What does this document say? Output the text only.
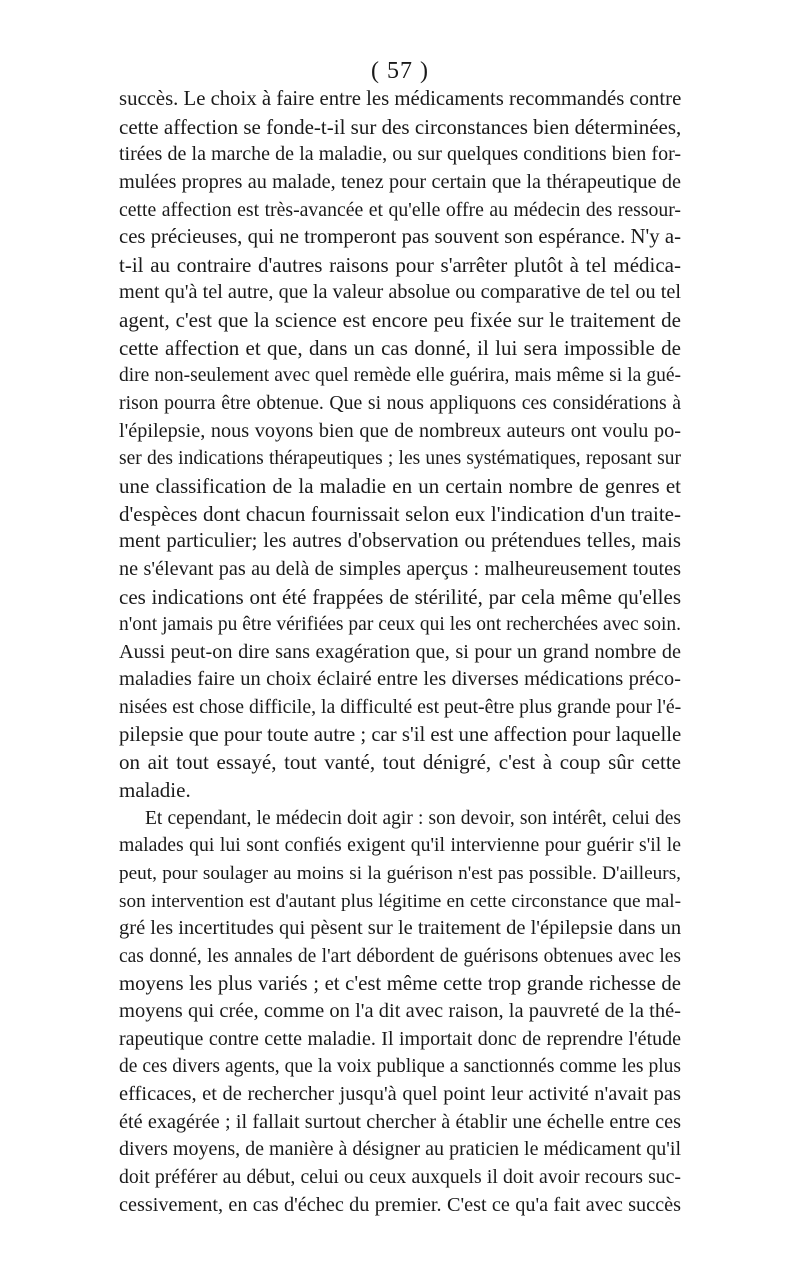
( 57 )
succès. Le choix à faire entre les médicaments recommandés contre
cette affection se fonde-t-il sur des circonstances bien déterminées,
tirées de la marche de la maladie, ou sur quelques conditions bien for-
mulées propres au malade, tenez pour certain que la thérapeutique de
cette affection est très-avancée et qu'elle offre au médecin des ressour-
ces précieuses, qui ne tromperont pas souvent son espérance. N'y a-
t-il au contraire d'autres raisons pour s'arrêter plutôt à tel médica-
ment qu'à tel autre, que la valeur absolue ou comparative de tel ou tel
agent, c'est que la science est encore peu fixée sur le traitement de
cette affection et que, dans un cas donné, il lui sera impossible de
dire non-seulement avec quel remède elle guérira, mais même si la gué-
rison pourra être obtenue. Que si nous appliquons ces considérations à
l'épilepsie, nous voyons bien que de nombreux auteurs ont voulu po-
ser des indications thérapeutiques ; les unes systématiques, reposant sur
une classification de la maladie en un certain nombre de genres et
d'espèces dont chacun fournissait selon eux l'indication d'un traite-
ment particulier; les autres d'observation ou prétendues telles, mais
ne s'élevant pas au delà de simples aperçus : malheureusement toutes
ces indications ont été frappées de stérilité, par cela même qu'elles
n'ont jamais pu être vérifiées par ceux qui les ont recherchées avec soin.
Aussi peut-on dire sans exagération que, si pour un grand nombre de
maladies faire un choix éclairé entre les diverses médications préco-
nisées est chose difficile, la difficulté est peut-être plus grande pour l'é-
pilepsie que pour toute autre ; car s'il est une affection pour laquelle
on ait tout essayé, tout vanté, tout dénigré, c'est à coup sûr cette
maladie.
Et cependant, le médecin doit agir : son devoir, son intérêt, celui des
malades qui lui sont confiés exigent qu'il intervienne pour guérir s'il le
peut, pour soulager au moins si la guérison n'est pas possible. D'ailleurs,
son intervention est d'autant plus légitime en cette circonstance que mal-
gré les incertitudes qui pèsent sur le traitement de l'épilepsie dans un
cas donné, les annales de l'art débordent de guérisons obtenues avec les
moyens les plus variés ; et c'est même cette trop grande richesse de
moyens qui crée, comme on l'a dit avec raison, la pauvreté de la thé-
rapeutique contre cette maladie. Il importait donc de reprendre l'étude
de ces divers agents, que la voix publique a sanctionnés comme les plus
efficaces, et de rechercher jusqu'à quel point leur activité n'avait pas
été exagérée ; il fallait surtout chercher à établir une échelle entre ces
divers moyens, de manière à désigner au praticien le médicament qu'il
doit préférer au début, celui ou ceux auxquels il doit avoir recours suc-
cessivement, en cas d'échec du premier. C'est ce qu'a fait avec succès
